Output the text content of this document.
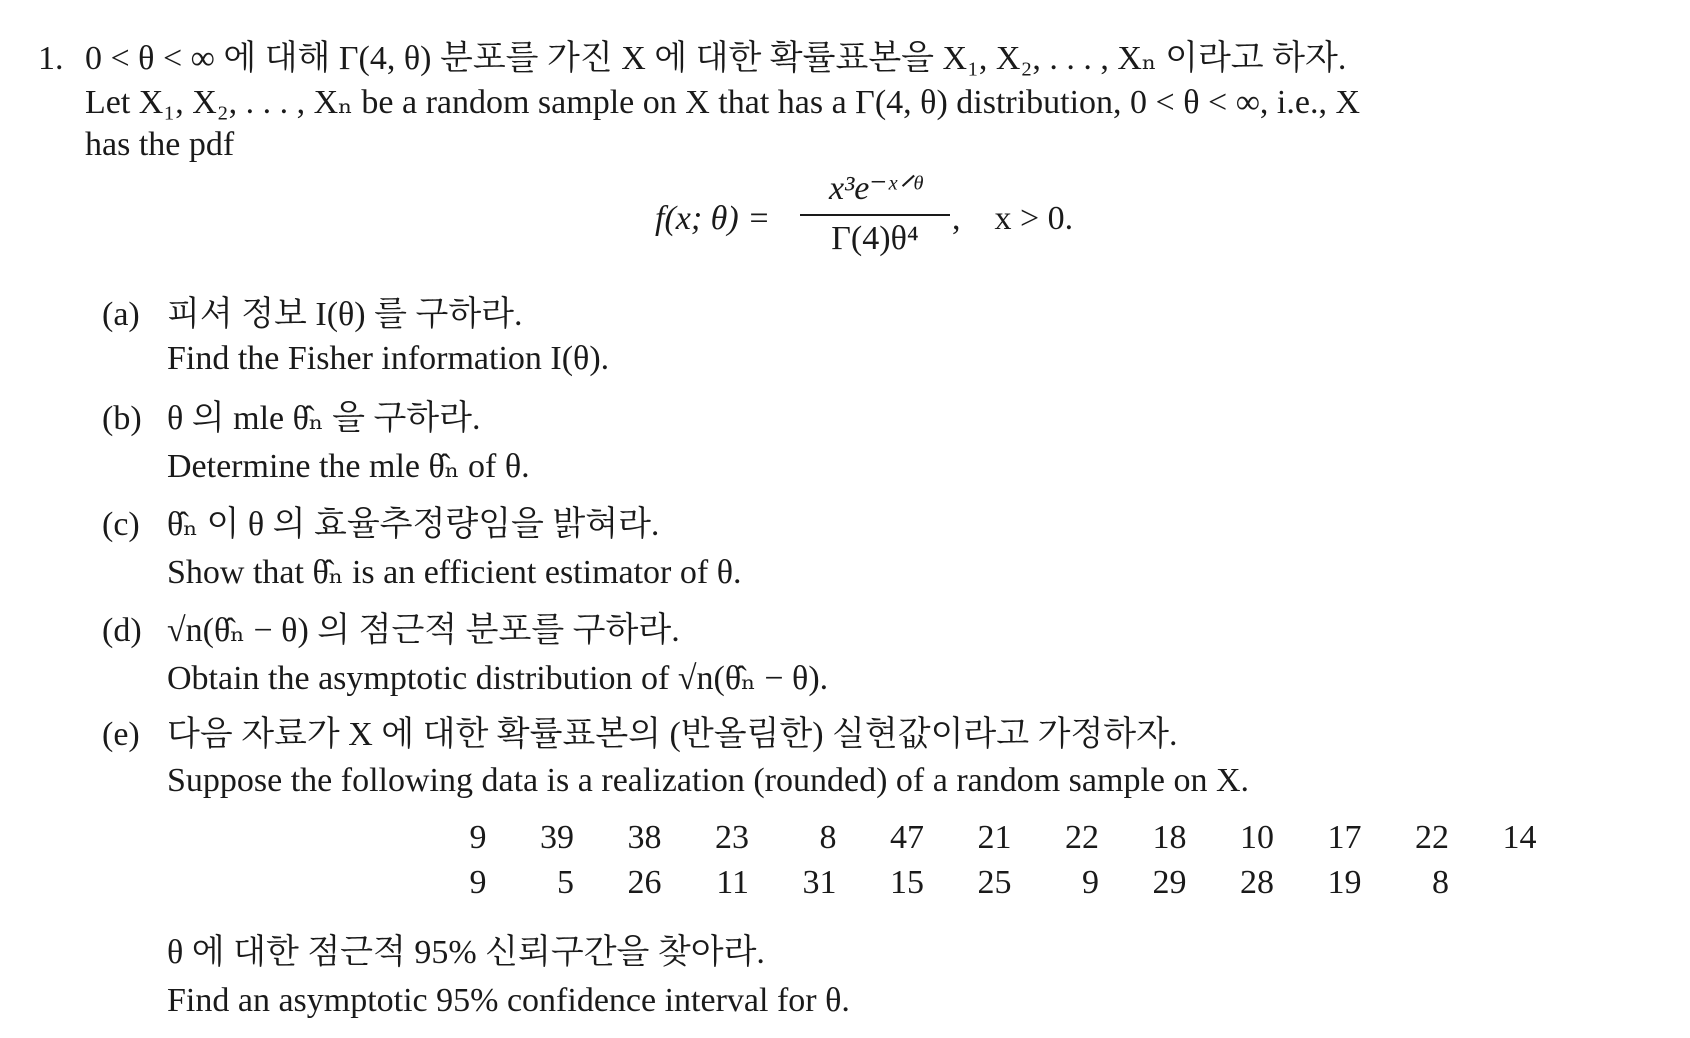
1. 0 < θ < ∞ 에 대해 Γ(4, θ) 분포를 가진 X 에 대한 확률표본을 X₁, X₂, . . . , Xₙ 이라고 하자.
Let X₁, X₂, . . . , Xₙ be a random sample on X that has a Γ(4, θ) distribution, 0 < θ < ∞, i.e., X
has the pdf
f(x; θ) =
x³e⁻ˣᐟᶿ
Γ(4)θ⁴
,    x > 0.
(a) 피셔 정보 I(θ) 를 구하라.
Find the Fisher information I(θ).
(b) θ 의 mle θ̂ₙ 을 구하라.
Determine the mle θ̂ₙ of θ.
(c) θ̂ₙ 이 θ 의 효율추정량임을 밝혀라.
Show that θ̂ₙ is an efficient estimator of θ.
(d) √n(θ̂ₙ − θ) 의 점근적 분포를 구하라.
Obtain the asymptotic distribution of √n(θ̂ₙ − θ).
(e) 다음 자료가 X 에 대한 확률표본의 (반올림한) 실현값이라고 가정하자.
Suppose the following data is a realization (rounded) of a random sample on X.
9	39	38	23	8	47	21	22	18	10	17	22	14
9	5	26	11	31	15	25	9	29	28	19	8	
θ 에 대한 점근적 95% 신뢰구간을 찾아라.
Find an asymptotic 95% confidence interval for θ.
